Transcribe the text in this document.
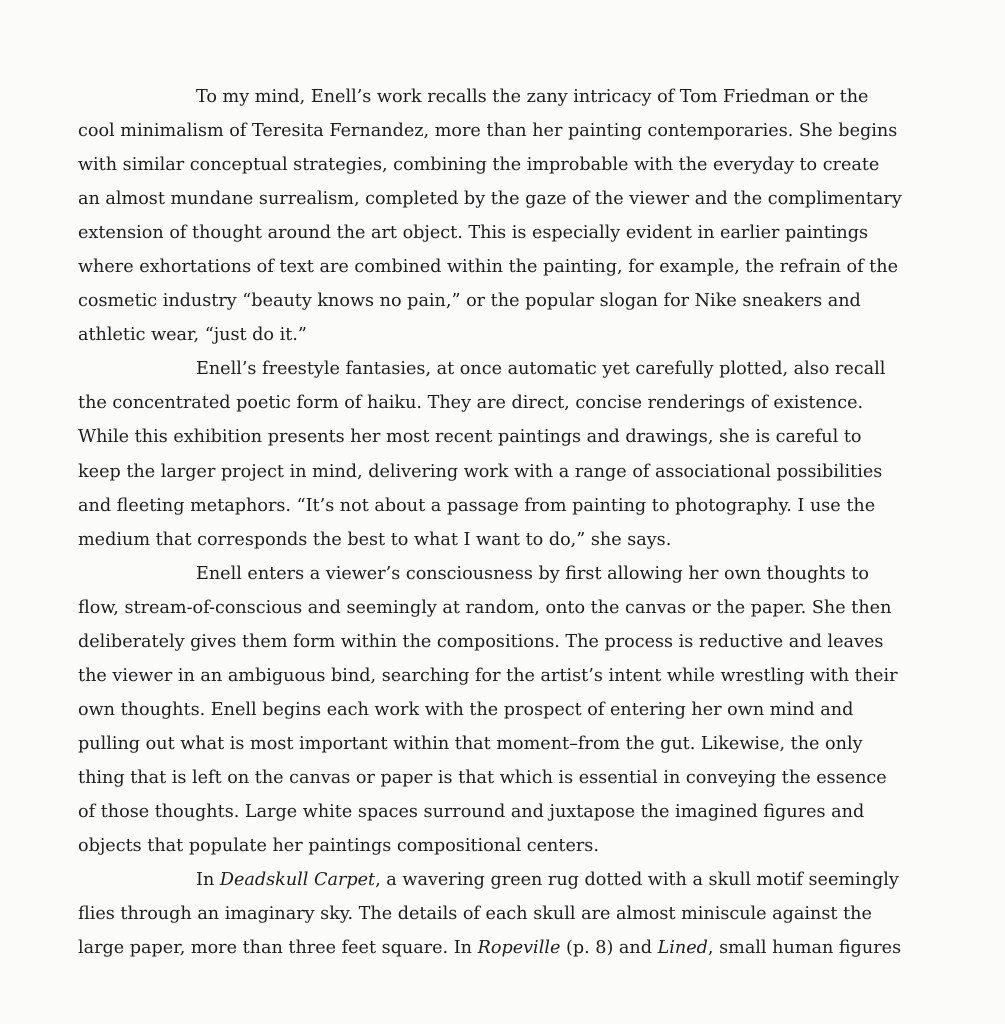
To my mind, Enell’s work recalls the zany intricacy of Tom Friedman or the
cool minimalism of Teresita Fernandez, more than her painting contemporaries. She begins
with similar conceptual strategies, combining the improbable with the everyday to create
an almost mundane surrealism, completed by the gaze of the viewer and the complimentary
extension of thought around the art object. This is especially evident in earlier paintings
where exhortations of text are combined within the painting, for example, the refrain of the
cosmetic industry “beauty knows no pain,” or the popular slogan for Nike sneakers and
athletic wear, “just do it.”
Enell’s freestyle fantasies, at once automatic yet carefully plotted, also recall
the concentrated poetic form of haiku. They are direct, concise renderings of existence.
While this exhibition presents her most recent paintings and drawings, she is careful to
keep the larger project in mind, delivering work with a range of associational possibilities
and fleeting metaphors. “It’s not about a passage from painting to photography. I use the
medium that corresponds the best to what I want to do,” she says.
Enell enters a viewer’s consciousness by first allowing her own thoughts to
flow, stream-of-conscious and seemingly at random, onto the canvas or the paper. She then
deliberately gives them form within the compositions. The process is reductive and leaves
the viewer in an ambiguous bind, searching for the artist’s intent while wrestling with their
own thoughts. Enell begins each work with the prospect of entering her own mind and
pulling out what is most important within that moment–from the gut. Likewise, the only
thing that is left on the canvas or paper is that which is essential in conveying the essence
of those thoughts. Large white spaces surround and juxtapose the imagined figures and
objects that populate her paintings compositional centers.
In Deadskull Carpet, a wavering green rug dotted with a skull motif seemingly
flies through an imaginary sky. The details of each skull are almost miniscule against the
large paper, more than three feet square. In Ropeville (p. 8) and Lined, small human figures
